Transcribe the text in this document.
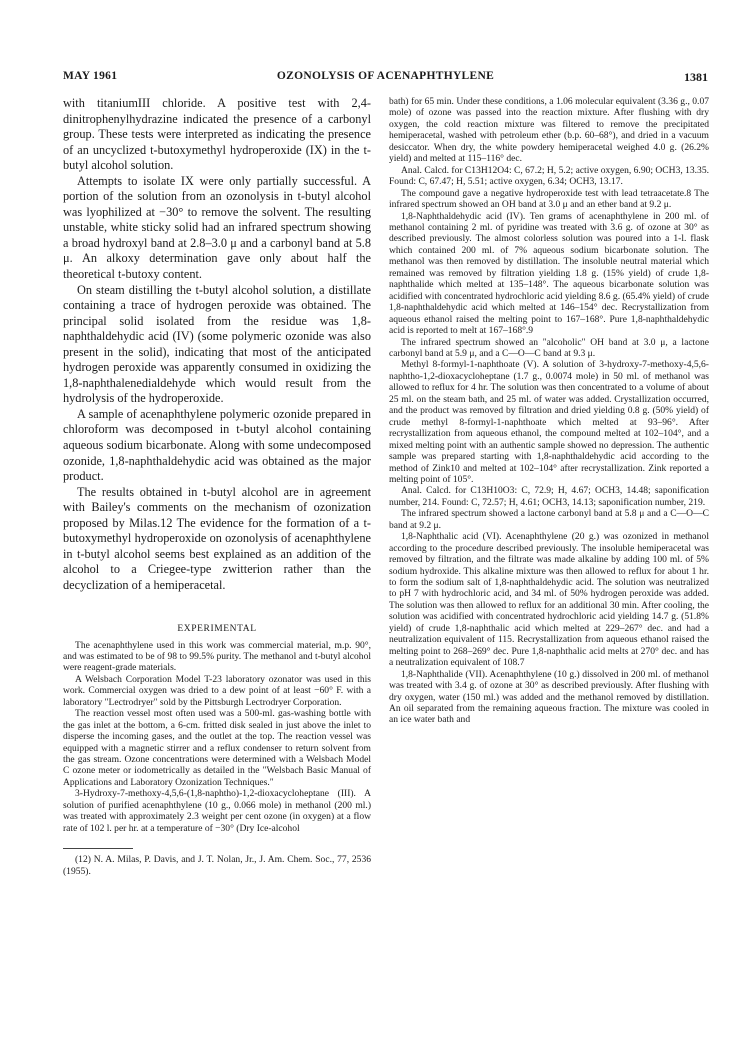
MAY 1961	OZONOLYSIS OF ACENAPHTHYLENE	1381

with titaniumIII chloride. A positive test with 2,4-dinitrophenylhydrazine indicated the presence of a carbonyl group. These tests were interpreted as indicating the presence of an uncyclized t-butoxymethyl hydroperoxide (IX) in the t-butyl alcohol solution.

Attempts to isolate IX were only partially successful. A portion of the solution from an ozonolysis in t-butyl alcohol was lyophilized at −30° to remove the solvent. The resulting unstable, white sticky solid had an infrared spectrum showing a broad hydroxyl band at 2.8–3.0 μ and a carbonyl band at 5.8 μ. An alkoxy determination gave only about half the theoretical t-butoxy content.

On steam distilling the t-butyl alcohol solution, a distillate containing a trace of hydrogen peroxide was obtained. The principal solid isolated from the residue was 1,8-naphthaldehydic acid (IV) (some polymeric ozonide was also present in the solid), indicating that most of the anticipated hydrogen peroxide was apparently consumed in oxidizing the 1,8-naphthalenedialdehyde which would result from the hydrolysis of the hydroperoxide.

A sample of acenaphthylene polymeric ozonide prepared in chloroform was decomposed in t-butyl alcohol containing aqueous sodium bicarbonate. Along with some undecomposed ozonide, 1,8-naphthaldehydic acid was obtained as the major product.

The results obtained in t-butyl alcohol are in agreement with Bailey's comments on the mechanism of ozonization proposed by Milas.12 The evidence for the formation of a t-butoxymethyl hydroperoxide on ozonolysis of acenaphthylene in t-butyl alcohol seems best explained as an addition of the alcohol to a Criegee-type zwitterion rather than the decyclization of a hemiperacetal.

EXPERIMENTAL

The acenaphthylene used in this work was commercial material, m.p. 90°, and was estimated to be of 98 to 99.5% purity. The methanol and t-butyl alcohol were reagent-grade materials.

A Welsbach Corporation Model T-23 laboratory ozonator was used in this work. Commercial oxygen was dried to a dew point of at least −60° F. with a laboratory "Lectrodryer" sold by the Pittsburgh Lectrodryer Corporation.

The reaction vessel most often used was a 500-ml. gas-washing bottle with the gas inlet at the bottom, a 6-cm. fritted disk sealed in just above the inlet to disperse the incoming gases, and the outlet at the top. The reaction vessel was equipped with a magnetic stirrer and a reflux condenser to return solvent from the gas stream. Ozone concentrations were determined with a Welsbach Model C ozone meter or iodometrically as detailed in the "Welsbach Basic Manual of Applications and Laboratory Ozonization Techniques."

3-Hydroxy-7-methoxy-4,5,6-(1,8-naphtho)-1,2-dioxacycloheptane (III). A solution of purified acenaphthylene (10 g., 0.066 mole) in methanol (200 ml.) was treated with approximately 2.3 weight per cent ozone (in oxygen) at a flow rate of 102 l. per hr. at a temperature of −30° (Dry Ice-alcohol

(12) N. A. Milas, P. Davis, and J. T. Nolan, Jr., J. Am. Chem. Soc., 77, 2536 (1955).

bath) for 65 min. Under these conditions, a 1.06 molecular equivalent (3.36 g., 0.07 mole) of ozone was passed into the reaction mixture. After flushing with dry oxygen, the cold reaction mixture was filtered to remove the precipitated hemiperacetal, washed with petroleum ether (b.p. 60–68°), and dried in a vacuum desiccator. When dry, the white powdery hemiperacetal weighed 4.0 g. (26.2% yield) and melted at 115–116° dec.

Anal. Calcd. for C13H12O4: C, 67.2; H, 5.2; active oxygen, 6.90; OCH3, 13.35. Found: C, 67.47; H, 5.51; active oxygen, 6.34; OCH3, 13.17.

The compound gave a negative hydroperoxide test with lead tetraacetate.8 The infrared spectrum showed an OH band at 3.0 μ and an ether band at 9.2 μ.

1,8-Naphthaldehydic acid (IV). Ten grams of acenaphthylene in 200 ml. of methanol containing 2 ml. of pyridine was treated with 3.6 g. of ozone at 30° as described previously. The almost colorless solution was poured into a 1-l. flask which contained 200 ml. of 7% aqueous sodium bicarbonate solution. The methanol was then removed by distillation. The insoluble neutral material which remained was removed by filtration yielding 1.8 g. (15% yield) of crude 1,8-naphthalide which melted at 135–148°. The aqueous bicarbonate solution was acidified with concentrated hydrochloric acid yielding 8.6 g. (65.4% yield) of crude 1,8-naphthaldehydic acid which melted at 146–154° dec. Recrystallization from aqueous ethanol raised the melting point to 167–168°. Pure 1,8-naphthaldehydic acid is reported to melt at 167–168°.9

The infrared spectrum showed an "alcoholic" OH band at 3.0 μ, a lactone carbonyl band at 5.9 μ, and a C—O—C band at 9.3 μ.

Methyl 8-formyl-1-naphthoate (V). A solution of 3-hydroxy-7-methoxy-4,5,6-naphtho-1,2-dioxacycloheptane (1.7 g., 0.0074 mole) in 50 ml. of methanol was allowed to reflux for 4 hr. The solution was then concentrated to a volume of about 25 ml. on the steam bath, and 25 ml. of water was added. Crystallization occurred, and the product was removed by filtration and dried yielding 0.8 g. (50% yield) of crude methyl 8-formyl-1-naphthoate which melted at 93–96°. After recrystallization from aqueous ethanol, the compound melted at 102–104°, and a mixed melting point with an authentic sample showed no depression. The authentic sample was prepared starting with 1,8-naphthaldehydic acid according to the method of Zink10 and melted at 102–104° after recrystallization. Zink reported a melting point of 105°.

Anal. Calcd. for C13H10O3: C, 72.9; H, 4.67; OCH3, 14.48; saponification number, 214. Found: C, 72.57; H, 4.61; OCH3, 14.13; saponification number, 219.

The infrared spectrum showed a lactone carbonyl band at 5.8 μ and a C—O—C band at 9.2 μ.

1,8-Naphthalic acid (VI). Acenaphthylene (20 g.) was ozonized in methanol according to the procedure described previously. The insoluble hemiperacetal was removed by filtration, and the filtrate was made alkaline by adding 100 ml. of 5% sodium hydroxide. This alkaline mixture was then allowed to reflux for about 1 hr. to form the sodium salt of 1,8-naphthaldehydic acid. The solution was neutralized to pH 7 with hydrochloric acid, and 34 ml. of 50% hydrogen peroxide was added. The solution was then allowed to reflux for an additional 30 min. After cooling, the solution was acidified with concentrated hydrochloric acid yielding 14.7 g. (51.8% yield) of crude 1,8-naphthalic acid which melted at 229–267° dec. and had a neutralization equivalent of 115. Recrystallization from aqueous ethanol raised the melting point to 268–269° dec. Pure 1,8-naphthalic acid melts at 270° dec. and has a neutralization equivalent of 108.7

1,8-Naphthalide (VII). Acenaphthylene (10 g.) dissolved in 200 ml. of methanol was treated with 3.4 g. of ozone at 30° as described previously. After flushing with dry oxygen, water (150 ml.) was added and the methanol removed by distillation. An oil separated from the remaining aqueous fraction. The mixture was cooled in an ice water bath and
